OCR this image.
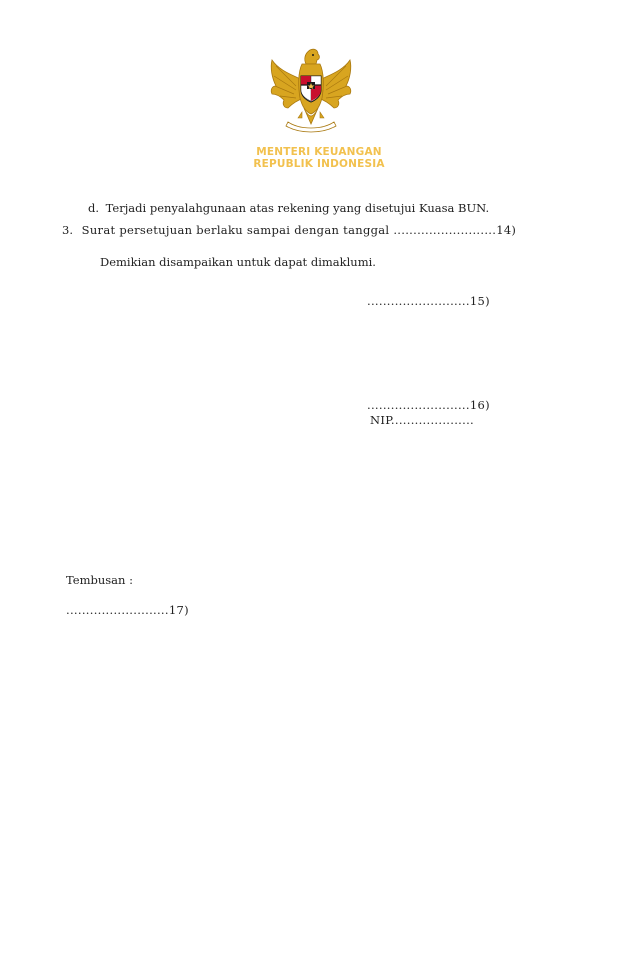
MENTERI KEUANGAN
REPUBLIK INDONESIA
d. Terjadi penyalahgunaan atas rekening yang disetujui Kuasa BUN.
3. Surat persetujuan berlaku sampai dengan tanggal ..........................14)
Demikian disampaikan untuk dapat dimaklumi.
..........................15)
..........................16)
NIP.....................
Tembusan :
..........................17)
